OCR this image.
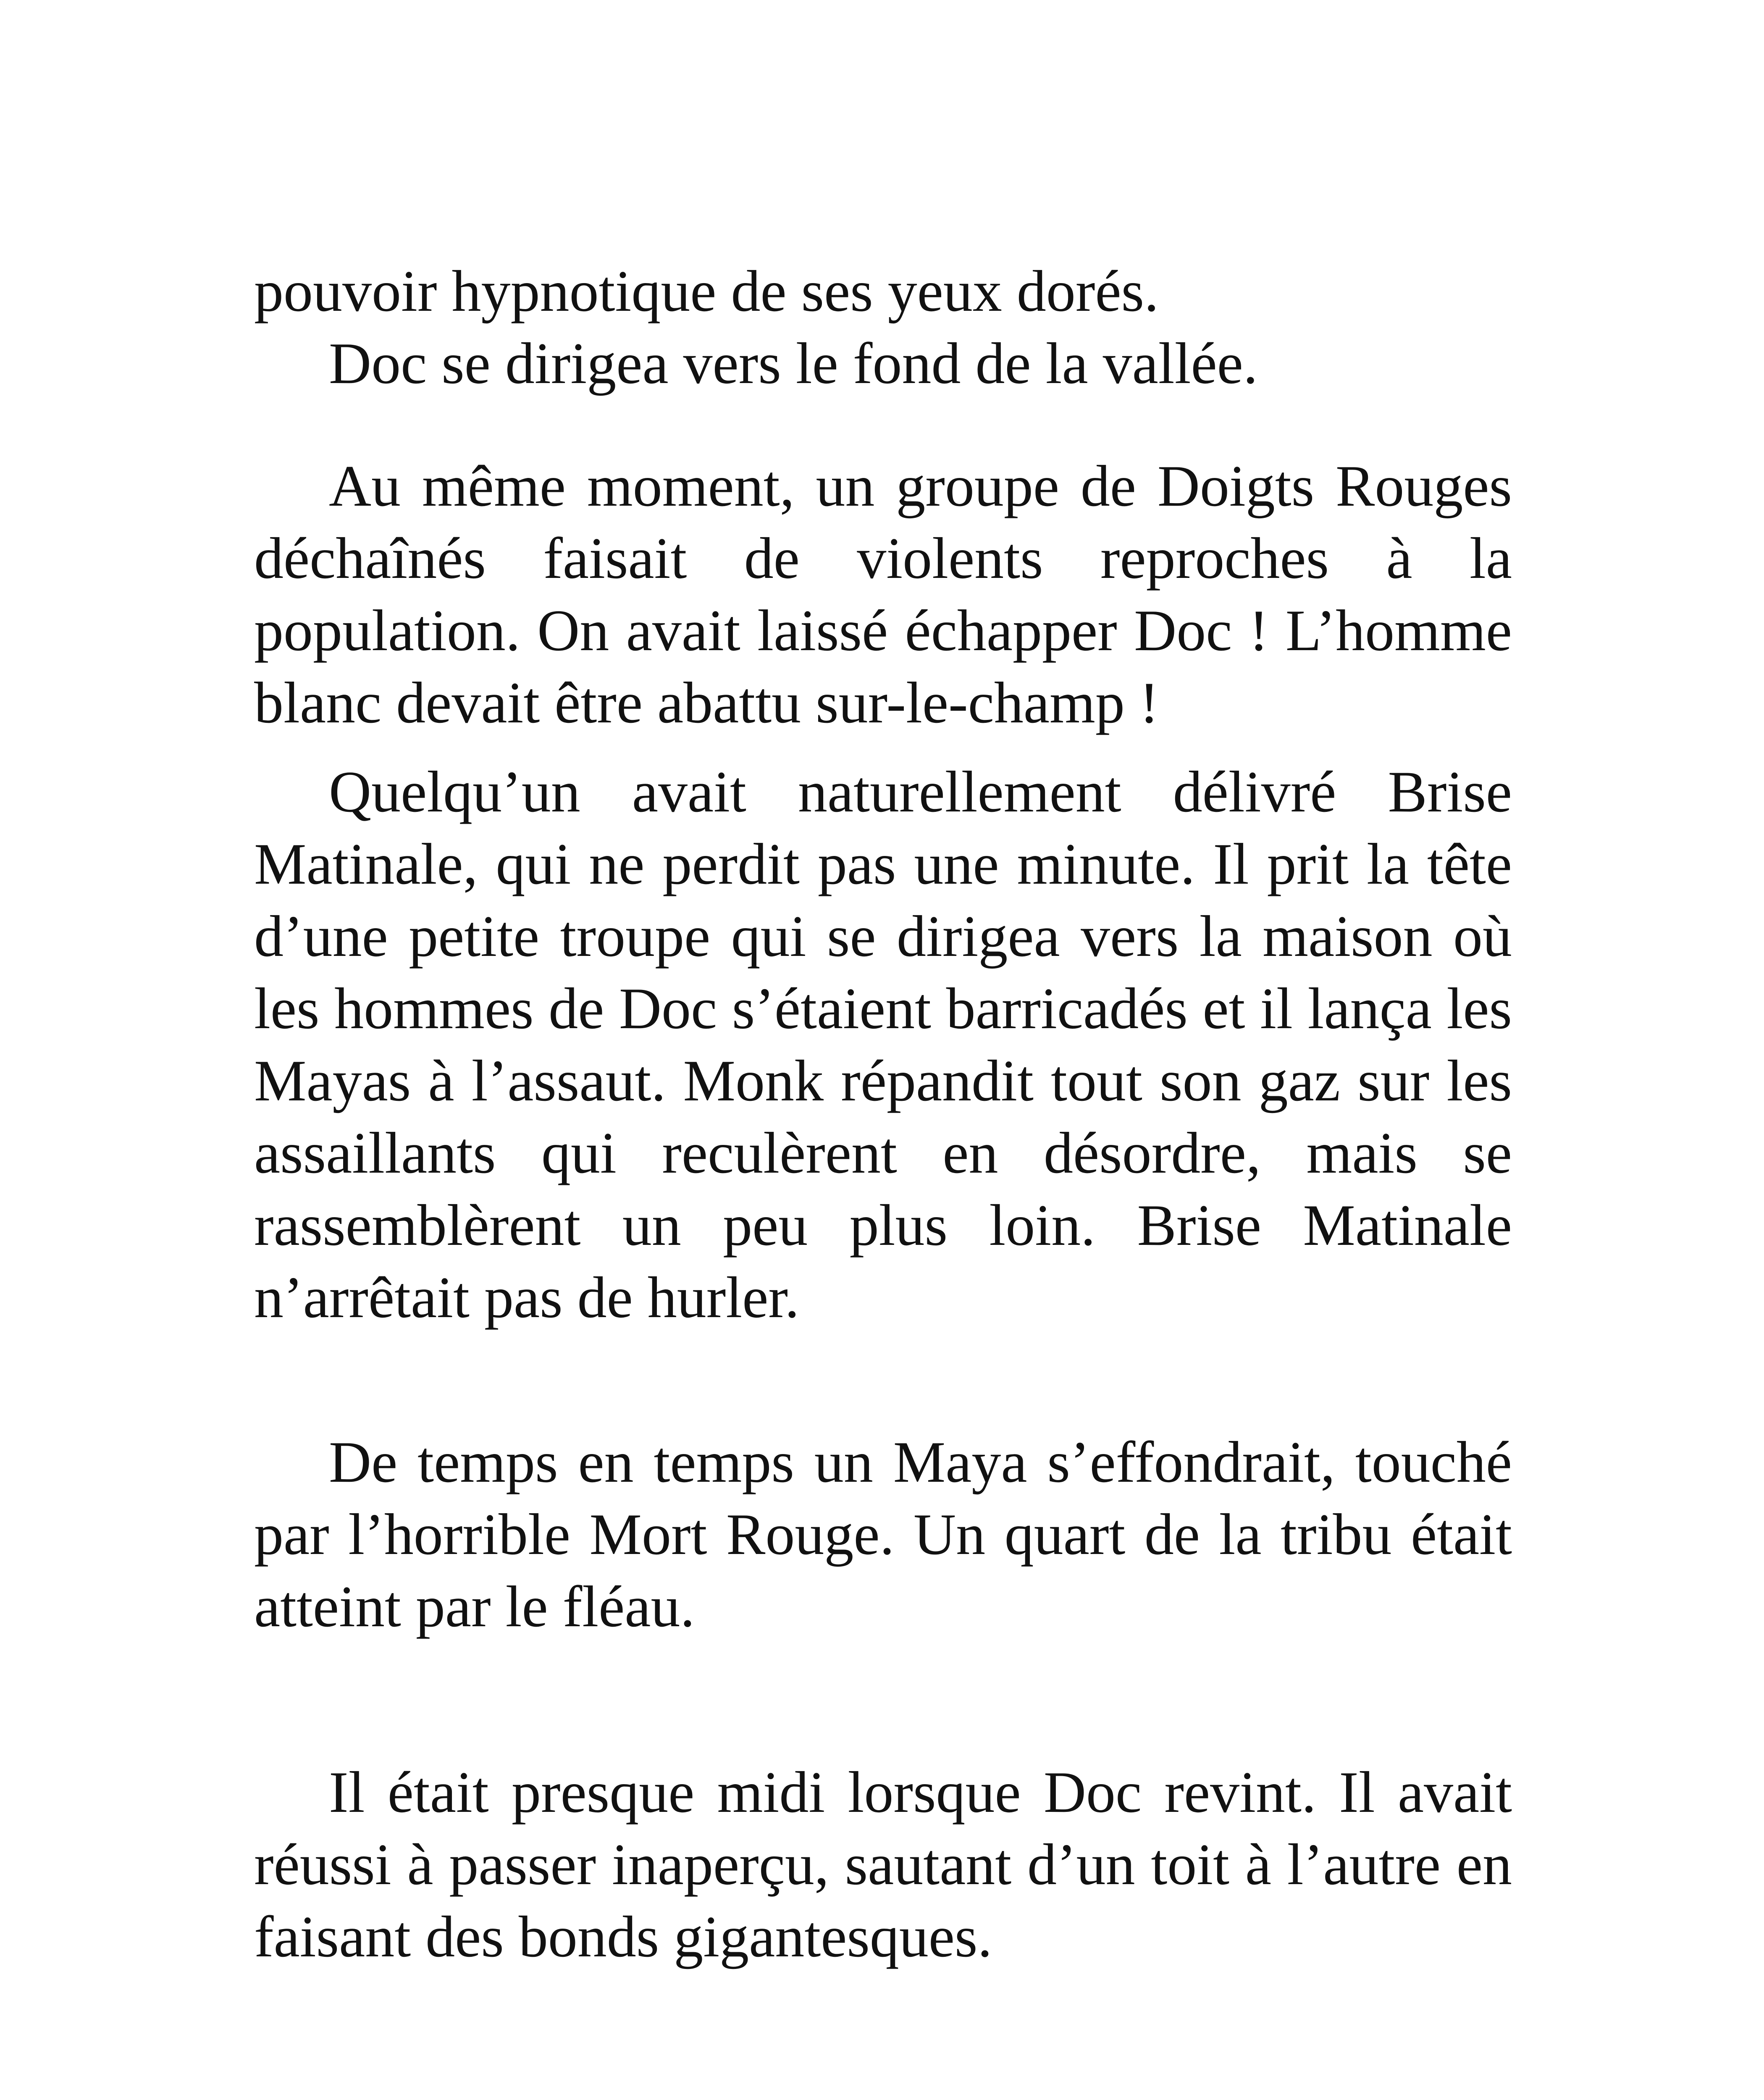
pouvoir hypnotique de ses yeux dorés.

Doc se dirigea vers le fond de la vallée.

Au même moment, un groupe de Doigts Rouges déchaînés faisait de violents reproches à la population. On avait laissé échapper Doc ! L’homme blanc devait être abattu sur-le-champ !

Quelqu’un avait naturellement délivré Brise Matinale, qui ne perdit pas une minute. Il prit la tête d’une petite troupe qui se dirigea vers la maison où les hommes de Doc s’étaient barricadés et il lança les Mayas à l’assaut. Monk répandit tout son gaz sur les assaillants qui reculèrent en désordre, mais se rassemblèrent un peu plus loin. Brise Matinale n’arrêtait pas de hurler.

De temps en temps un Maya s’effondrait, touché par l’horrible Mort Rouge. Un quart de la tribu était atteint par le fléau.

Il était presque midi lorsque Doc revint. Il avait réussi à passer inaperçu, sautant d’un toit à l’autre en faisant des bonds gigantesques.
